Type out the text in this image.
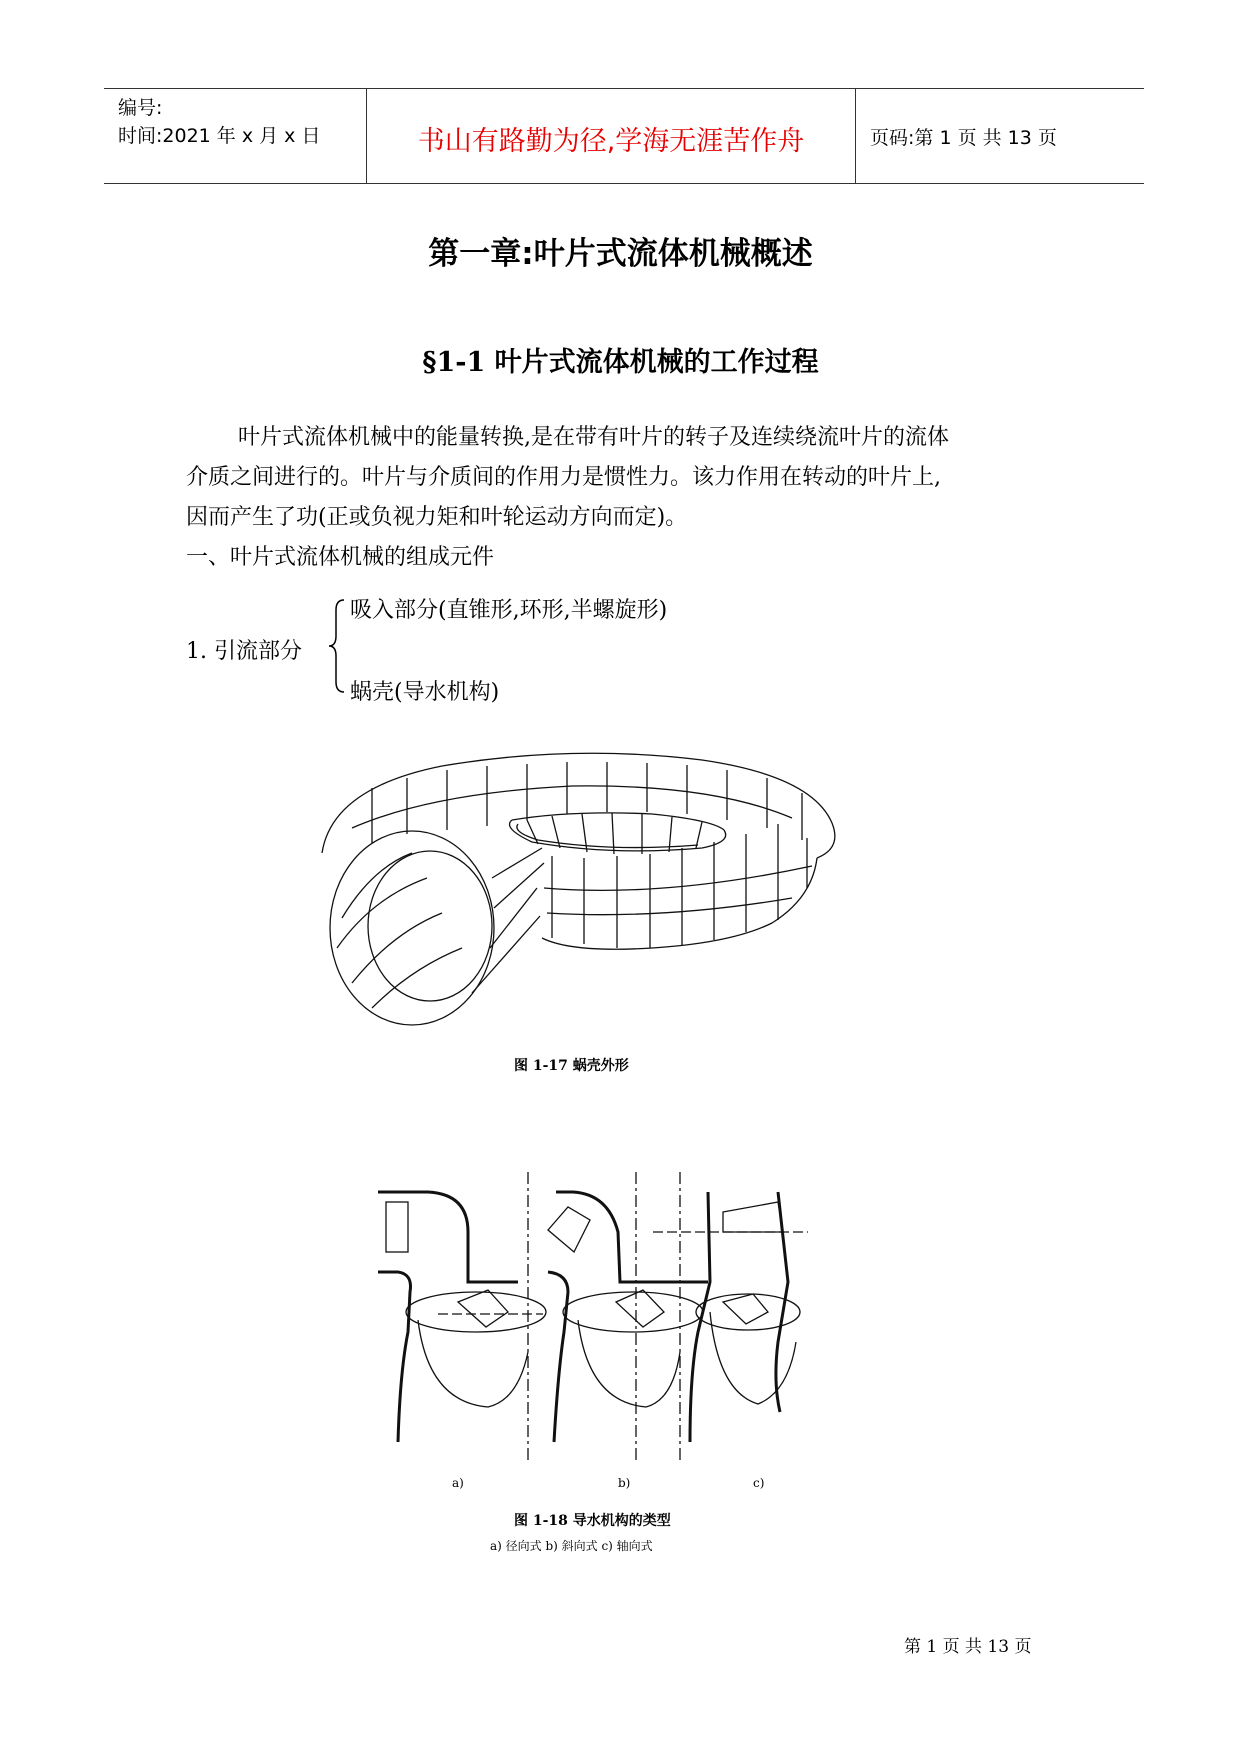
编号:
时间:2021 年 x 月 x 日	书山有路勤为径,学海无涯苦作舟	页码:第 1 页 共 13 页
第一章:叶片式流体机械概述
§1-1 叶片式流体机械的工作过程
叶片式流体机械中的能量转换,是在带有叶片的转子及连续绕流叶片的流体
介质之间进行的。叶片与介质间的作用力是惯性力。该力作用在转动的叶片上,
因而产生了功(正或负视力矩和叶轮运动方向而定)。
一、叶片式流体机械的组成元件
吸入部分(直锥形,环形,半螺旋形)
1. 引流部分
蜗壳(导水机构)
图 1-17 蜗壳外形
a)	b)	c)
图 1-18 导水机构的类型
a) 径向式 b) 斜向式 c) 轴向式
第 1 页 共 13 页
